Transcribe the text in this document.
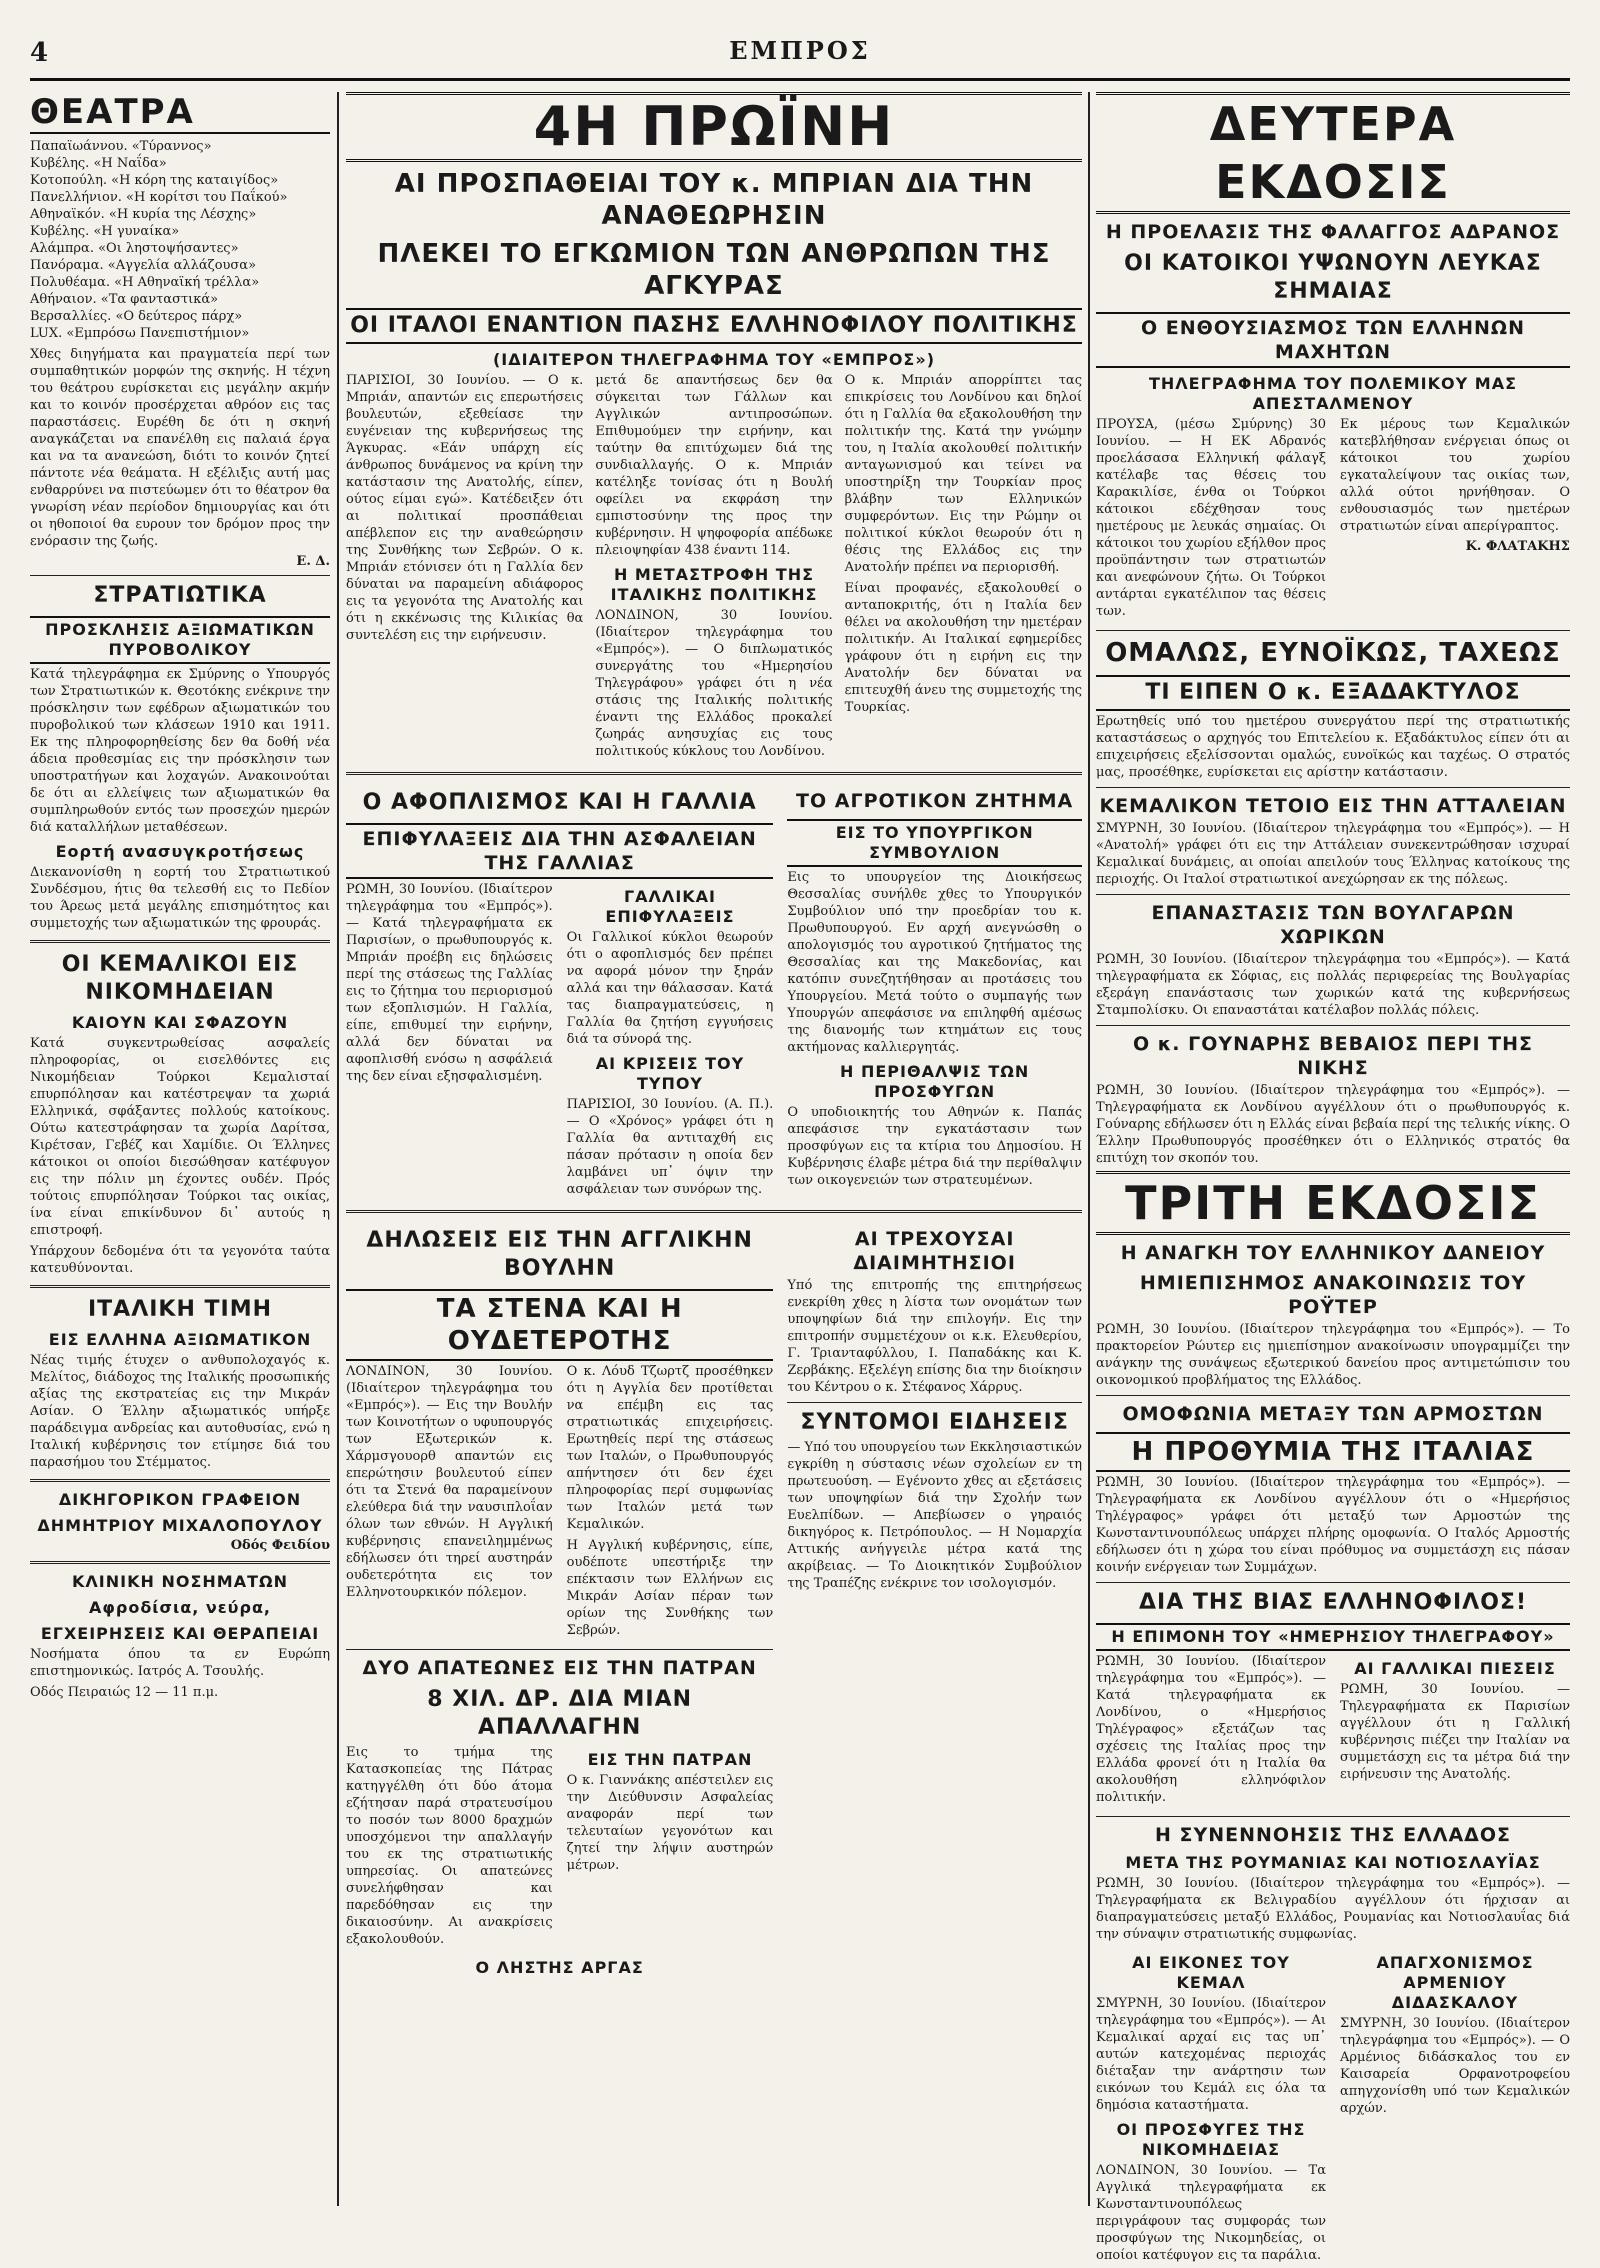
4	ΕΜΠΡΟΣ
ΘΕΑΤΡΑ
Παπαϊωάννου. «Τύραννος»
Κυβέλης. «Η Ναΐδα»
Κοτοπούλη. «Η κόρη της καταιγίδος»
Πανελλήνιον. «Η κορίτσι του Παΐκού»
Αθηναϊκόν. «Η κυρία της Λέσχης»
Κυβέλης. «Η γυναίκα»
Αλάμπρα. «Οι ληστοψήσαντες»
Πανόραμα. «Αγγελία αλλάζουσα»
Πολυθέαμα. «Η Αθηναϊκή τρέλλα»
Αθήναιον. «Τα φανταστικά»
Βερσαλλίες. «Ο δεύτερος πάρχ»
LUX. «Εμπρόσω Πανεπιστήμιον»

Χθες διηγήματα και πραγματεία περί των συμπαθητικών μορφών της σκηνής. Η τέχνη του θεάτρου ευρίσκεται εις μεγάλην ακμήν και το κοινόν προσέρχεται αθρόον εις τας παραστάσεις. Ευρέθη δε ότι η σκηνή αναγκάζεται να επανέλθη εις παλαιά έργα και να τα ανανεώση, διότι το κοινόν ζητεί πάντοτε νέα θεάματα. Η εξέλιξις αυτή μας ενθαρρύνει να πιστεύωμεν ότι το θέατρον θα γνωρίση νέαν περίοδον δημιουργίας και ότι οι ηθοποιοί θα ευρουν τον δρόμον προς την ενόρασιν της ζωής.

Ε. Δ.
ΣΤΡΑΤΙΩΤΙΚΑ
ΠΡΟΣΚΛΗΣΙΣ ΑΞΙΩΜΑΤΙΚΩΝ ΠΥΡΟΒΟΛΙΚΟΥ

Κατά τηλεγράφημα εκ Σμύρνης ο Υπουργός των Στρατιωτικών κ. Θεοτόκης ενέκρινε την πρόσκλησιν των εφέδρων αξιωματικών του πυροβολικού των κλάσεων 1910 και 1911. Εκ της πληροφορηθείσης δεν θα δοθή νέα άδεια προθεσμίας εις την πρόσκλησιν των υποστρατήγων και λοχαγών. Ανακοινούται δε ότι αι ελλείψεις των αξιωματικών θα συμπληρωθούν εντός των προσεχών ημερών διά καταλλήλων μεταθέσεων.

Εορτή ανασυγκροτήσεως

Διεκανονίσθη η εορτή του Στρατιωτικού Συνδέσμου, ήτις θα τελεσθή εις το Πεδίον του Άρεως μετά μεγάλης επισημότητος και συμμετοχής των αξιωματικών της φρουράς.

ΟΙ ΚΕΜΑΛΙΚΟΙ ΕΙΣ ΝΙΚΟΜΗΔΕΙΑΝ
ΚΑΙΟΥΝ ΚΑΙ ΣΦΑΖΟΥΝ

Κατά συγκεντρωθείσας ασφαλείς πληροφορίας, οι εισελθόντες εις Νικομήδειαν Τούρκοι Κεμαλισταί επυρπόλησαν και κατέστρεψαν τα χωριά Ελληνικά, σφάξαντες πολλούς κατοίκους. Ούτω κατεστράφησαν τα χωρία Δαρίτσα, Κιρέτσαν, Γεβέζ και Χαμίδιε. Οι Έλληνες κάτοικοι οι οποίοι διεσώθησαν κατέφυγον εις την πόλιν μη έχοντες ουδέν. Πρός τούτοις επυρπόλησαν Τούρκοι τας οικίας, ίνα είναι επικίνδυνον δι᾽ αυτούς η επιστροφή.

Υπάρχουν δεδομένα ότι τα γεγονότα ταύτα κατευθύνονται.

ΙΤΑΛΙΚΗ ΤΙΜΗ
ΕΙΣ ΕΛΛΗΝΑ ΑΞΙΩΜΑΤΙΚΟΝ

Νέας τιμής έτυχεν ο ανθυπολοχαγός κ. Μελίτος, διάδοχος της Ιταλικής προσωπικής αξίας της εκστρατείας εις την Μικράν Ασίαν. Ο Έλλην αξιωματικός υπήρξε παράδειγμα ανδρείας και αυτοθυσίας, ενώ η Ιταλική κυβέρνησις τον ετίμησε διά του παρασήμου του Στέμματος.

ΔΙΚΗΓΟΡΙΚΟΝ ΓΡΑΦΕΙΟΝ
ΔΗΜΗΤΡΙΟΥ ΜΙΧΑΛΟΠΟΥΛΟΥ
Οδός Φειδίου
ΚΛΙΝΙΚΗ ΝΟΣΗΜΑΤΩΝ
Αφροδίσια, νεύρα,
ΕΓΧΕΙΡΗΣΕΙΣ ΚΑΙ ΘΕΡΑΠΕΙΑΙ

Νοσήματα όπου τα εν Ευρώπη επιστημονικώς. Ιατρός Α. Τσουλής.

Οδός Πειραιώς 12 — 11 π.μ.

4Η ΠΡΩΪΝΗ
ΑΙ ΠΡΟΣΠΑΘΕΙΑΙ ΤΟΥ κ. ΜΠΡΙΑΝ ΔΙΑ ΤΗΝ ΑΝΑΘΕΩΡΗΣΙΝ
ΠΛΕΚΕΙ ΤΟ ΕΓΚΩΜΙΟΝ ΤΩΝ ΑΝΘΡΩΠΩΝ ΤΗΣ ΑΓΚΥΡΑΣ
ΟΙ ΙΤΑΛΟΙ ΕΝΑΝΤΙΟΝ ΠΑΣΗΣ ΕΛΛΗΝΟΦΙΛΟΥ ΠΟΛΙΤΙΚΗΣ
(ΙΔΙΑΙΤΕΡΟΝ ΤΗΛΕΓΡΑΦΗΜΑ ΤΟΥ «ΕΜΠΡΟΣ»)

ΠΑΡΙΣΙΟΙ, 30 Ιουνίου. — Ο κ. Μπριάν, απαντών εις επερωτήσεις βουλευτών, εξεθείασε την ευγένειαν της κυβερνήσεως της Άγκυρας. «Εάν υπάρχη είς άνθρωπος δυνάμενος να κρίνη την κατάστασιν της Ανατολής, είπεν, ούτος είμαι εγώ». Κατέδειξεν ότι αι πολιτικαί προσπάθειαι απέβλεπον εις την αναθεώρησιν της Συνθήκης των Σεβρών. Ο κ. Μπριάν ετόνισεν ότι η Γαλλία δεν δύναται να παραμείνη αδιάφορος εις τα γεγονότα της Ανατολής και ότι η εκκένωσις της Κιλικίας θα συντελέση εις την ειρήνευσιν.

μετά δε απαντήσεως δεν θα σύγκειται των Γάλλων και Αγγλικών αντιπροσώπων. Επιθυμούμεν την ειρήνην, και ταύτην θα επιτύχωμεν διά της συνδιαλλαγής. Ο κ. Μπριάν κατέληξε τονίσας ότι η Βουλή οφείλει να εκφράση την εμπιστοσύνην της προς την κυβέρνησιν. Η ψηφοφορία απέδωκε πλειοψηφίαν 438 έναντι 114.

Η ΜΕΤΑΣΤΡΟΦΗ ΤΗΣ ΙΤΑΛΙΚΗΣ ΠΟΛΙΤΙΚΗΣ

ΛΟΝΔΙΝΟΝ, 30 Ιουνίου. (Ιδιαίτερον τηλεγράφημα του «Εμπρός»). — Ο διπλωματικός συνεργάτης του «Ημερησίου Τηλεγράφου» γράφει ότι η νέα στάσις της Ιταλικής πολιτικής έναντι της Ελλάδος προκαλεί ζωηράς ανησυχίας εις τους πολιτικούς κύκλους του Λονδίνου.

Ο κ. Μπριάν απορρίπτει τας επικρίσεις του Λονδίνου και δηλοί ότι η Γαλλία θα εξακολουθήση την πολιτικήν της. Κατά την γνώμην του, η Ιταλία ακολουθεί πολιτικήν ανταγωνισμού και τείνει να υποστηρίξη την Τουρκίαν προς βλάβην των Ελληνικών συμφερόντων. Εις την Ρώμην οι πολιτικοί κύκλοι θεωρούν ότι η θέσις της Ελλάδος εις την Ανατολήν πρέπει να περιορισθή.

Είναι προφανές, εξακολουθεί ο ανταποκριτής, ότι η Ιταλία δεν θέλει να ακολουθήση την ημετέραν πολιτικήν. Αι Ιταλικαί εφημερίδες γράφουν ότι η ειρήνη εις την Ανατολήν δεν δύναται να επιτευχθή άνευ της συμμετοχής της Τουρκίας.

Ο ΑΦΟΠΛΙΣΜΟΣ ΚΑΙ Η ΓΑΛΛΙΑ
ΕΠΙΦΥΛΑΞΕΙΣ ΔΙΑ ΤΗΝ ΑΣΦΑΛΕΙΑΝ ΤΗΣ ΓΑΛΛΙΑΣ

ΡΩΜΗ, 30 Ιουνίου. (Ιδιαίτερον τηλεγράφημα του «Εμπρός»). — Κατά τηλεγραφήματα εκ Παρισίων, ο πρωθυπουργός κ. Μπριάν προέβη εις δηλώσεις περί της στάσεως της Γαλλίας εις το ζήτημα του περιορισμού των εξοπλισμών. Η Γαλλία, είπε, επιθυμεί την ειρήνην, αλλά δεν δύναται να αφοπλισθή ενόσω η ασφάλειά της δεν είναι εξησφαλισμένη.

ΓΑΛΛΙΚΑΙ ΕΠΙΦΥΛΑΞΕΙΣ

Οι Γαλλικοί κύκλοι θεωρούν ότι ο αφοπλισμός δεν πρέπει να αφορά μόνον την ξηράν αλλά και την θάλασσαν. Κατά τας διαπραγματεύσεις, η Γαλλία θα ζητήση εγγυήσεις διά τα σύνορά της.

ΑΙ ΚΡΙΣΕΙΣ ΤΟΥ ΤΥΠΟΥ

ΠΑΡΙΣΙΟΙ, 30 Ιουνίου. (Α. Π.). — Ο «Χρόνος» γράφει ότι η Γαλλία θα αντιταχθή εις πάσαν πρότασιν η οποία δεν λαμβάνει υπ᾽ όψιν την ασφάλειαν των συνόρων της.

ΤΟ ΑΓΡΟΤΙΚΟΝ ΖΗΤΗΜΑ
ΕΙΣ ΤΟ ΥΠΟΥΡΓΙΚΟΝ ΣΥΜΒΟΥΛΙΟΝ

Εις το υπουργείον της Διοικήσεως Θεσσαλίας συνήλθε χθες το Υπουργικόν Συμβούλιον υπό την προεδρίαν του κ. Πρωθυπουργού. Εν αρχή ανεγνώσθη ο απολογισμός του αγροτικού ζητήματος της Θεσσαλίας και της Μακεδονίας, και κατόπιν συνεζητήθησαν αι προτάσεις του Υπουργείου. Μετά τούτο ο συμπαγής των Υπουργών απεφάσισε να επιληφθή αμέσως της διανομής των κτημάτων εις τους ακτήμονας καλλιεργητάς.

Η ΠΕΡΙΘΑΛΨΙΣ ΤΩΝ ΠΡΟΣΦΥΓΩΝ

Ο υποδιοικητής του Αθηνών κ. Παπάς απεφάσισε την εγκατάστασιν των προσφύγων εις τα κτίρια του Δημοσίου. Η Κυβέρνησις έλαβε μέτρα διά την περίθαλψιν των οικογενειών των στρατευμένων.

ΔΗΛΩΣΕΙΣ ΕΙΣ ΤΗΝ ΑΓΓΛΙΚΗΝ ΒΟΥΛΗΝ
ΤΑ ΣΤΕΝΑ ΚΑΙ Η ΟΥΔΕΤΕΡΟΤΗΣ

ΛΟΝΔΙΝΟΝ, 30 Ιουνίου. (Ιδιαίτερον τηλεγράφημα του «Εμπρός»). — Εις την Βουλήν των Κοινοτήτων ο υφυπουργός των Εξωτερικών κ. Χάρμσγουορθ απαντών εις επερώτησιν βουλευτού είπεν ότι τα Στενά θα παραμείνουν ελεύθερα διά την ναυσιπλοΐαν όλων των εθνών. Η Αγγλική κυβέρνησις επανειλημμένως εδήλωσεν ότι τηρεί αυστηράν ουδετερότητα εις τον Ελληνοτουρκικόν πόλεμον.

Ο κ. Λόυδ Τζωρτζ προσέθηκεν ότι η Αγγλία δεν προτίθεται να επέμβη εις τας στρατιωτικάς επιχειρήσεις. Ερωτηθείς περί της στάσεως των Ιταλών, ο Πρωθυπουργός απήντησεν ότι δεν έχει πληροφορίας περί συμφωνίας των Ιταλών μετά των Κεμαλικών.

Η Αγγλική κυβέρνησις, είπε, ουδέποτε υπεστήριξε την επέκτασιν των Ελλήνων εις Μικράν Ασίαν πέραν των ορίων της Συνθήκης των Σεβρών.

ΔΥΟ ΑΠΑΤΕΩΝΕΣ ΕΙΣ ΤΗΝ ΠΑΤΡΑΝ
8 ΧΙΛ. ΔΡ. ΔΙΑ ΜΙΑΝ ΑΠΑΛΛΑΓΗΝ

Εις το τμήμα της Κατασκοπείας της Πάτρας κατηγγέλθη ότι δύο άτομα εζήτησαν παρά στρατευσίμου το ποσόν των 8000 δραχμών υποσχόμενοι την απαλλαγήν του εκ της στρατιωτικής υπηρεσίας. Οι απατεώνες συνελήφθησαν και παρεδόθησαν εις την δικαιοσύνην. Αι ανακρίσεις εξακολουθούν.

ΕΙΣ ΤΗΝ ΠΑΤΡΑΝ

Ο κ. Γιαννάκης απέστειλεν εις την Διεύθυνσιν Ασφαλείας αναφοράν περί των τελευταίων γεγονότων και ζητεί την λήψιν αυστηρών μέτρων.

Ο ΛΗΣΤΗΣ ΑΡΓΑΣ
ΑΙ ΤΡΕΧΟΥΣΑΙ ΔΙΑΙΜΗΤΗΣΙΟΙ

Υπό της επιτροπής της επιτηρήσεως ενεκρίθη χθες η λίστα των ονομάτων των υποψηφίων διά την επιλογήν. Εις την επιτροπήν συμμετέχουν οι κ.κ. Ελευθερίου, Γ. Τριανταφύλλου, Ι. Παπαδάκης και Κ. Ζερβάκης. Εξελέγη επίσης δια την διοίκησιν του Κέντρου ο κ. Στέφανος Χάρρυς.

ΣΥΝΤΟΜΟΙ ΕΙΔΗΣΕΙΣ

— Υπό του υπουργείου των Εκκλησιαστικών εγκρίθη η σύστασις νέων σχολείων εν τη πρωτευούση. — Εγένοντο χθες αι εξετάσεις των υποψηφίων διά την Σχολήν των Ευελπίδων. — Απεβίωσεν ο γηραιός δικηγόρος κ. Πετρόπουλος. — Η Νομαρχία Αττικής ανήγγειλε μέτρα κατά της ακρίβειας. — Το Διοικητικόν Συμβούλιον της Τραπέζης ενέκρινε τον ισολογισμόν.

ΔΕΥΤΕΡΑ ΕΚΔΟΣΙΣ
Η ΠΡΟΕΛΑΣΙΣ ΤΗΣ ΦΑΛΑΓΓΟΣ ΑΔΡΑΝΟΣ
ΟΙ ΚΑΤΟΙΚΟΙ ΥΨΩΝΟΥΝ ΛΕΥΚΑΣ ΣΗΜΑΙΑΣ
Ο ΕΝΘΟΥΣΙΑΣΜΟΣ ΤΩΝ ΕΛΛΗΝΩΝ ΜΑΧΗΤΩΝ
ΤΗΛΕΓΡΑΦΗΜΑ ΤΟΥ ΠΟΛΕΜΙΚΟΥ ΜΑΣ ΑΠΕΣΤΑΛΜΕΝΟΥ

ΠΡΟΥΣΑ, (μέσω Σμύρνης) 30 Ιουνίου. — Η ΕΚ Αδρανός προελάσασα Ελληνική φάλαγξ κατέλαβε τας θέσεις του Καρακιλίσε, ένθα οι Τούρκοι κάτοικοι εδέχθησαν τους ημετέρους με λευκάς σημαίας. Οι κάτοικοι του χωρίου εξήλθον προς προϋπάντησιν των στρατιωτών και ανεφώνουν ζήτω. Οι Τούρκοι αντάρται εγκατέλιπον τας θέσεις των.

Εκ μέρους των Κεμαλικών κατεβλήθησαν ενέργειαι όπως οι κάτοικοι του χωρίου εγκαταλείψουν τας οικίας των, αλλά ούτοι ηρνήθησαν. Ο ενθουσιασμός των ημετέρων στρατιωτών είναι απερίγραπτος.

Κ. ΦΛΑΤΑΚΗΣ
ΟΜΑΛΩΣ, ΕΥΝΟΪΚΩΣ, ΤΑΧΕΩΣ
ΤΙ ΕΙΠΕΝ Ο κ. ΕΞΑΔΑΚΤΥΛΟΣ

Ερωτηθείς υπό του ημετέρου συνεργάτου περί της στρατιωτικής καταστάσεως ο αρχηγός του Επιτελείου κ. Εξαδάκτυλος είπεν ότι αι επιχειρήσεις εξελίσσονται ομαλώς, ευνοϊκώς και ταχέως. Ο στρατός μας, προσέθηκε, ευρίσκεται εις αρίστην κατάστασιν.

ΚΕΜΑΛΙΚΟΝ ΤΕΤΟΙΟ ΕΙΣ ΤΗΝ ΑΤΤΑΛΕΙΑΝ

ΣΜΥΡΝΗ, 30 Ιουνίου. (Ιδιαίτερον τηλεγράφημα του «Εμπρός»). — Η «Ανατολή» γράφει ότι εις την Αττάλειαν συνεκεντρώθησαν ισχυραί Κεμαλικαί δυνάμεις, αι οποίαι απειλούν τους Έλληνας κατοίκους της περιοχής. Οι Ιταλοί στρατιωτικοί ανεχώρησαν εκ της πόλεως.

ΕΠΑΝΑΣΤΑΣΙΣ ΤΩΝ ΒΟΥΛΓΑΡΩΝ ΧΩΡΙΚΩΝ

ΡΩΜΗ, 30 Ιουνίου. (Ιδιαίτερον τηλεγράφημα του «Εμπρός»). — Κατά τηλεγραφήματα εκ Σόφιας, εις πολλάς περιφερείας της Βουλγαρίας εξεράγη επανάστασις των χωρικών κατά της κυβερνήσεως Σταμπολίσκυ. Οι επαναστάται κατέλαβον πολλάς πόλεις.

Ο κ. ΓΟΥΝΑΡΗΣ ΒΕΒΑΙΟΣ ΠΕΡΙ ΤΗΣ ΝΙΚΗΣ

ΡΩΜΗ, 30 Ιουνίου. (Ιδιαίτερον τηλεγράφημα του «Εμπρός»). — Τηλεγραφήματα εκ Λονδίνου αγγέλλουν ότι ο πρωθυπουργός κ. Γούναρης εδήλωσεν ότι η Ελλάς είναι βεβαία περί της τελικής νίκης. Ο Έλλην Πρωθυπουργός προσέθηκεν ότι ο Ελληνικός στρατός θα επιτύχη τον σκοπόν του.

ΤΡΙΤΗ ΕΚΔΟΣΙΣ
Η ΑΝΑΓΚΗ ΤΟΥ ΕΛΛΗΝΙΚΟΥ ΔΑΝΕΙΟΥ
ΗΜΙΕΠΙΣΗΜΟΣ ΑΝΑΚΟΙΝΩΣΙΣ ΤΟΥ ΡΟΫΤΕΡ

ΡΩΜΗ, 30 Ιουνίου. (Ιδιαίτερον τηλεγράφημα του «Εμπρός»). — Το πρακτορείον Ρώυτερ εις ημιεπίσημον ανακοίνωσιν υπογραμμίζει την ανάγκην της συνάψεως εξωτερικού δανείου προς αντιμετώπισιν του οικονομικού προβλήματος της Ελλάδος.

ΟΜΟΦΩΝΙΑ ΜΕΤΑΞΥ ΤΩΝ ΑΡΜΟΣΤΩΝ
Η ΠΡΟΘΥΜΙΑ ΤΗΣ ΙΤΑΛΙΑΣ

ΡΩΜΗ, 30 Ιουνίου. (Ιδιαίτερον τηλεγράφημα του «Εμπρός»). — Τηλεγραφήματα εκ Λονδίνου αγγέλλουν ότι ο «Ημερήσιος Τηλέγραφος» γράφει ότι μεταξύ των Αρμοστών της Κωνσταντινουπόλεως υπάρχει πλήρης ομοφωνία. Ο Ιταλός Αρμοστής εδήλωσεν ότι η χώρα του είναι πρόθυμος να συμμετάσχη εις πάσαν κοινήν ενέργειαν των Συμμάχων.

ΔΙΑ ΤΗΣ ΒΙΑΣ ΕΛΛΗΝΟΦΙΛΟΣ!
Η ΕΠΙΜΟΝΗ ΤΟΥ «ΗΜΕΡΗΣΙΟΥ ΤΗΛΕΓΡΑΦΟΥ»

ΡΩΜΗ, 30 Ιουνίου. (Ιδιαίτερον τηλεγράφημα του «Εμπρός»). — Κατά τηλεγραφήματα εκ Λονδίνου, ο «Ημερήσιος Τηλέγραφος» εξετάζων τας σχέσεις της Ιταλίας προς την Ελλάδα φρονεί ότι η Ιταλία θα ακολουθήση ελληνόφιλον πολιτικήν.

ΑΙ ΓΑΛΛΙΚΑΙ ΠΙΕΣΕΙΣ

ΡΩΜΗ, 30 Ιουνίου. — Τηλεγραφήματα εκ Παρισίων αγγέλλουν ότι η Γαλλική κυβέρνησις πιέζει την Ιταλίαν να συμμετάσχη εις τα μέτρα διά την ειρήνευσιν της Ανατολής.

Η ΣΥΝΕΝΝΟΗΣΙΣ ΤΗΣ ΕΛΛΑΔΟΣ
ΜΕΤΑ ΤΗΣ ΡΟΥΜΑΝΙΑΣ ΚΑΙ ΝΟΤΙΟΣΛΑΥΪΑΣ

ΡΩΜΗ, 30 Ιουνίου. (Ιδιαίτερον τηλεγράφημα του «Εμπρός»). — Τηλεγραφήματα εκ Βελιγραδίου αγγέλλουν ότι ήρχισαν αι διαπραγματεύσεις μεταξύ Ελλάδος, Ρουμανίας και Νοτιοσλαυΐας διά την σύναψιν στρατιωτικής συμφωνίας.

ΑΙ ΕΙΚΟΝΕΣ ΤΟΥ ΚΕΜΑΛ

ΣΜΥΡΝΗ, 30 Ιουνίου. (Ιδιαίτερον τηλεγράφημα του «Εμπρός»). — Αι Κεμαλικαί αρχαί εις τας υπ᾽ αυτών κατεχομένας περιοχάς διέταξαν την ανάρτησιν των εικόνων του Κεμάλ εις όλα τα δημόσια καταστήματα.

ΟΙ ΠΡΟΣΦΥΓΕΣ ΤΗΣ ΝΙΚΟΜΗΔΕΙΑΣ

ΛΟΝΔΙΝΟΝ, 30 Ιουνίου. — Τα Αγγλικά τηλεγραφήματα εκ Κωνσταντινουπόλεως περιγράφουν τας συμφοράς των προσφύγων της Νικομηδείας, οι οποίοι κατέφυγον εις τα παράλια.

ΑΠΑΓΧΟΝΙΣΜΟΣ ΑΡΜΕΝΙΟΥ ΔΙΔΑΣΚΑΛΟΥ

ΣΜΥΡΝΗ, 30 Ιουνίου. (Ιδιαίτερον τηλεγράφημα του «Εμπρός»). — Ο Αρμένιος διδάσκαλος του εν Καισαρεία Ορφανοτροφείου απηγχονίσθη υπό των Κεμαλικών αρχών.
